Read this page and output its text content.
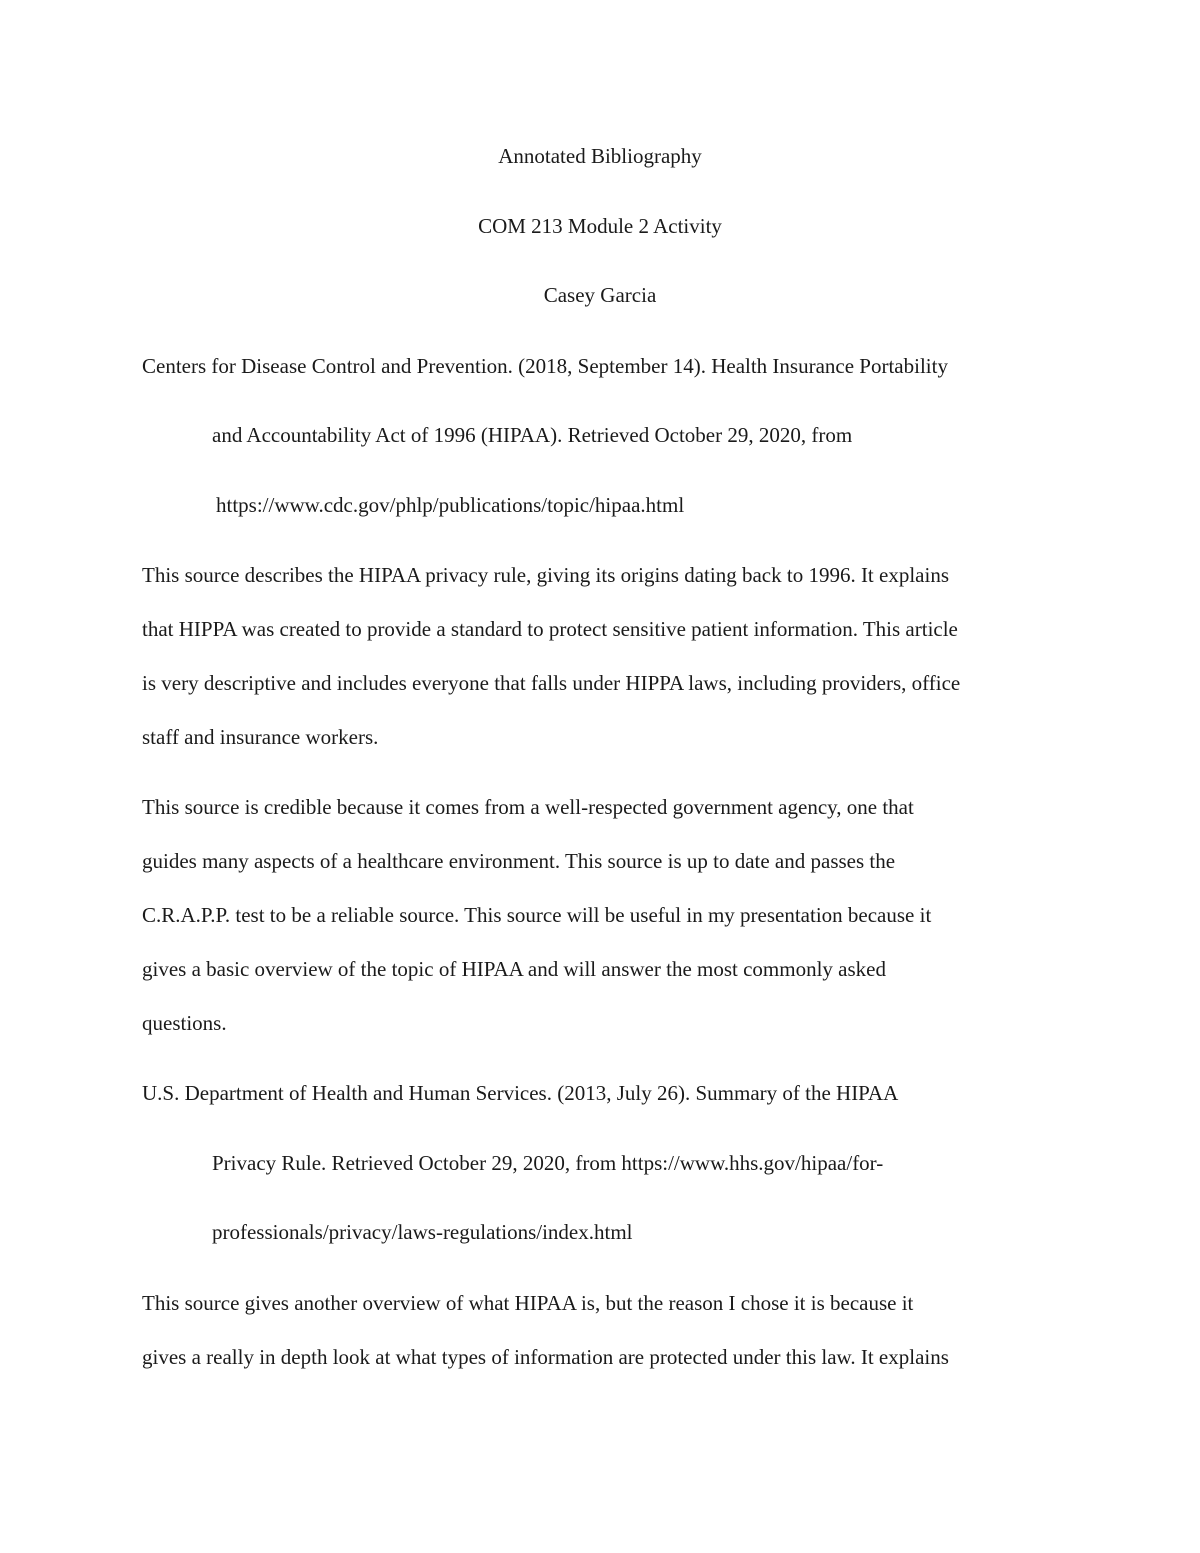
Annotated Bibliography

COM 213 Module 2 Activity

Casey Garcia

Centers for Disease Control and Prevention. (2018, September 14). Health Insurance Portability

and Accountability Act of 1996 (HIPAA). Retrieved October 29, 2020, from

https://www.cdc.gov/phlp/publications/topic/hipaa.html

This source describes the HIPAA privacy rule, giving its origins dating back to 1996. It explains

that HIPPA was created to provide a standard to protect sensitive patient information. This article

is very descriptive and includes everyone that falls under HIPPA laws, including providers, office

staff and insurance workers.

This source is credible because it comes from a well-respected government agency, one that

guides many aspects of a healthcare environment. This source is up to date and passes the

C.R.A.P.P. test to be a reliable source. This source will be useful in my presentation because it

gives a basic overview of the topic of HIPAA and will answer the most commonly asked

questions.

U.S. Department of Health and Human Services. (2013, July 26). Summary of the HIPAA

Privacy Rule. Retrieved October 29, 2020, from https://www.hhs.gov/hipaa/for-

professionals/privacy/laws-regulations/index.html

This source gives another overview of what HIPAA is, but the reason I chose it is because it

gives a really in depth look at what types of information are protected under this law. It explains
